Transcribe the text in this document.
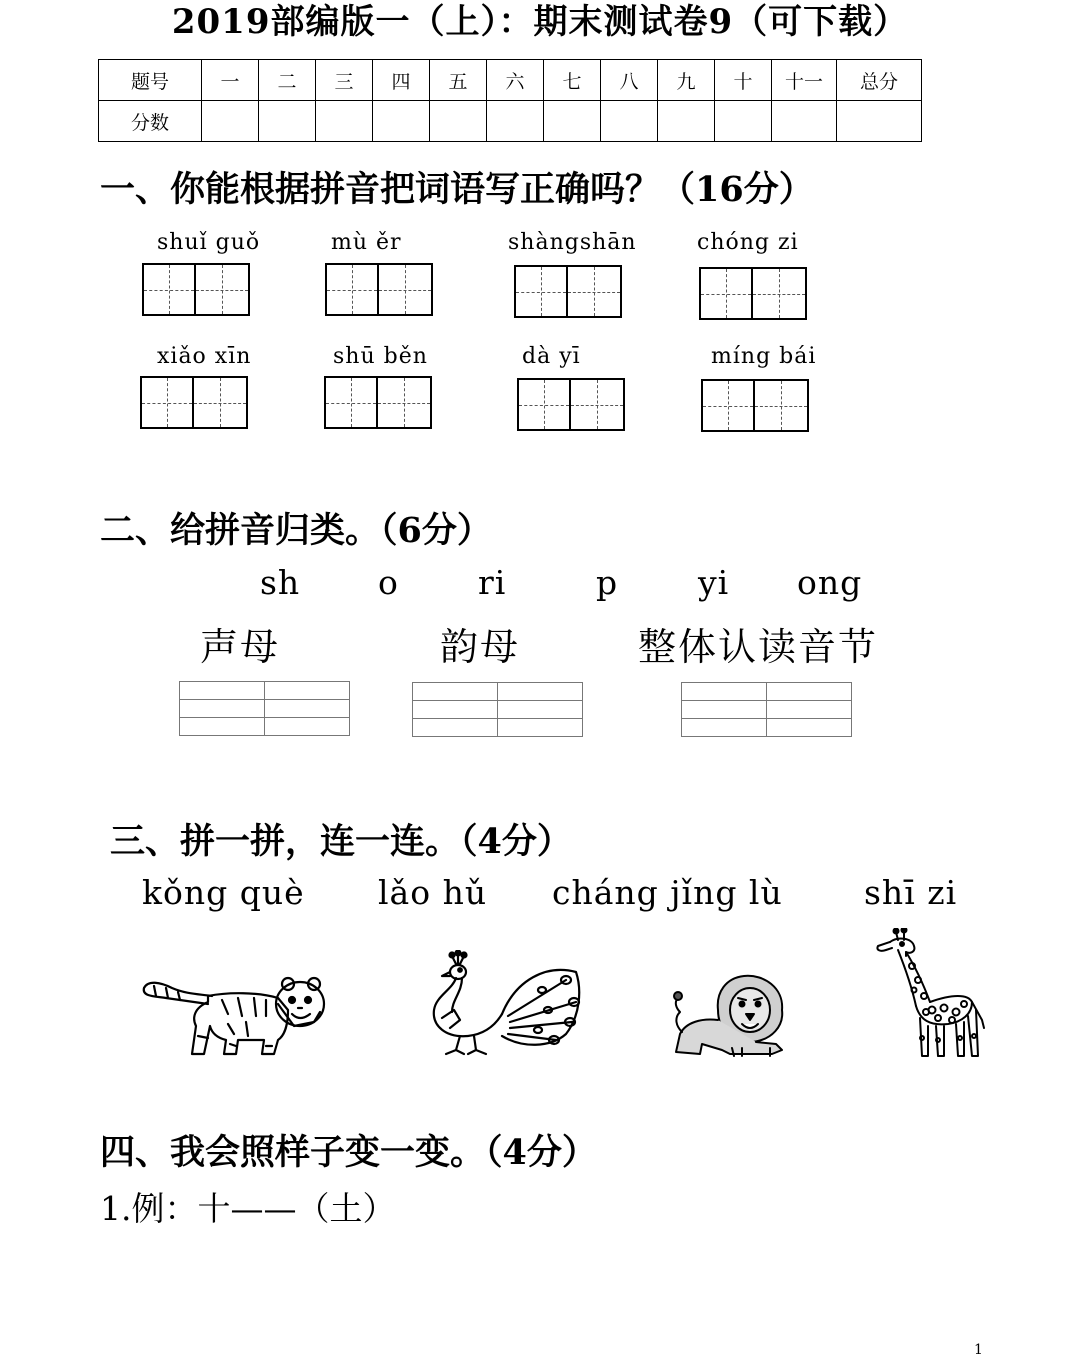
2019部编版一（上）：期末测试卷9（可下载）
题号	一	二	三	四	五	六	七	八	九	十	十一	总分
分数												
一、你能根据拼音把词语写正确吗？（16分）
shuǐ guǒ	mù ěr	shàngshān	chóng zi
xiǎo xīn	shū běn	dà yī	míng bái
二、给拼音归类。（6分）
sh o ri	p yi ong
声母	韵母	整体认读音节

三、拼一拼，连一连。（4分）
kǒng què lǎo hǔ cháng jǐng lù shī zi
四、我会照样子变一变。（4分）
1.例：十——（土）
1
